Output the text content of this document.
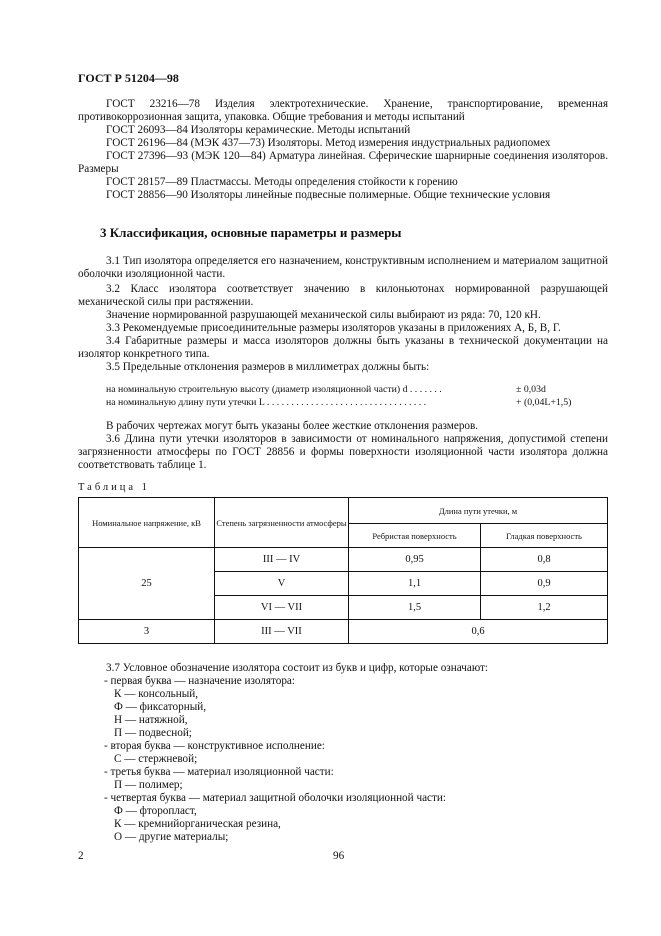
ГОСТ Р 51204—98
ГОСТ 23216—78 Изделия электротехнические. Хранение, транспортирование, временная противокоррозионная защита, упаковка. Общие требования и методы испытаний
ГОСТ 26093—84 Изоляторы керамические. Методы испытаний
ГОСТ 26196—84 (МЭК 437—73) Изоляторы. Метод измерения индустриальных радиопомех
ГОСТ 27396—93 (МЭК 120—84) Арматура линейная. Сферические шарнирные соединения изоляторов. Размеры
ГОСТ 28157—89 Пластмассы. Методы определения стойкости к горению
ГОСТ 28856—90 Изоляторы линейные подвесные полимерные. Общие технические условия
3 Классификация, основные параметры и размеры
3.1 Тип изолятора определяется его назначением, конструктивным исполнением и материалом защитной оболочки изоляционной части.
3.2 Класс изолятора соответствует значению в килоньютонах нормированной разрушающей механической силы при растяжении.
Значение нормированной разрушающей механической силы выбирают из ряда: 70, 120 кН.
3.3 Рекомендуемые присоединительные размеры изоляторов указаны в приложениях А, Б, В, Г.
3.4 Габаритные размеры и масса изоляторов должны быть указаны в технической документации на изолятор конкретного типа.
3.5 Предельные отклонения размеров в миллиметрах должны быть:
на номинальную строительную высоту (диаметр изоляционной части) d . . . . . . .	± 0,03d
на номинальную длину пути утечки L . . . . . . . . . . . . . . . . . . . . . . . . . . . . . . . . .	+ (0,04L+1,5)
В рабочих чертежах могут быть указаны более жесткие отклонения размеров.
3.6 Длина пути утечки изоляторов в зависимости от номинального напряжения, допустимой степени загрязненности атмосферы по ГОСТ 28856 и формы поверхности изоляционной части изолятора должна соответствовать таблице 1.
Таблица 1
Номинальное напряжение, кВ	Степень загрязненности атмосферы	Длина пути утечки, м	
		Ребристая поверхность	Гладкая поверхность
25	III — IV	0,95	0,8
	V	1,1	0,9
	VI — VII	1,5	1,2
3	III — VII	0,6	
3.7 Условное обозначение изолятора состоит из букв и цифр, которые означают:
- первая буква — назначение изолятора:
К — консольный,
Ф — фиксаторный,
Н — натяжной,
П — подвесной;
- вторая буква — конструктивное исполнение:
С — стержневой;
- третья буква — материал изоляционной части:
П — полимер;
- четвертая буква — материал защитной оболочки изоляционной части:
Ф — фторопласт,
К — кремнийорганическая резина,
О — другие материалы;
2	96
